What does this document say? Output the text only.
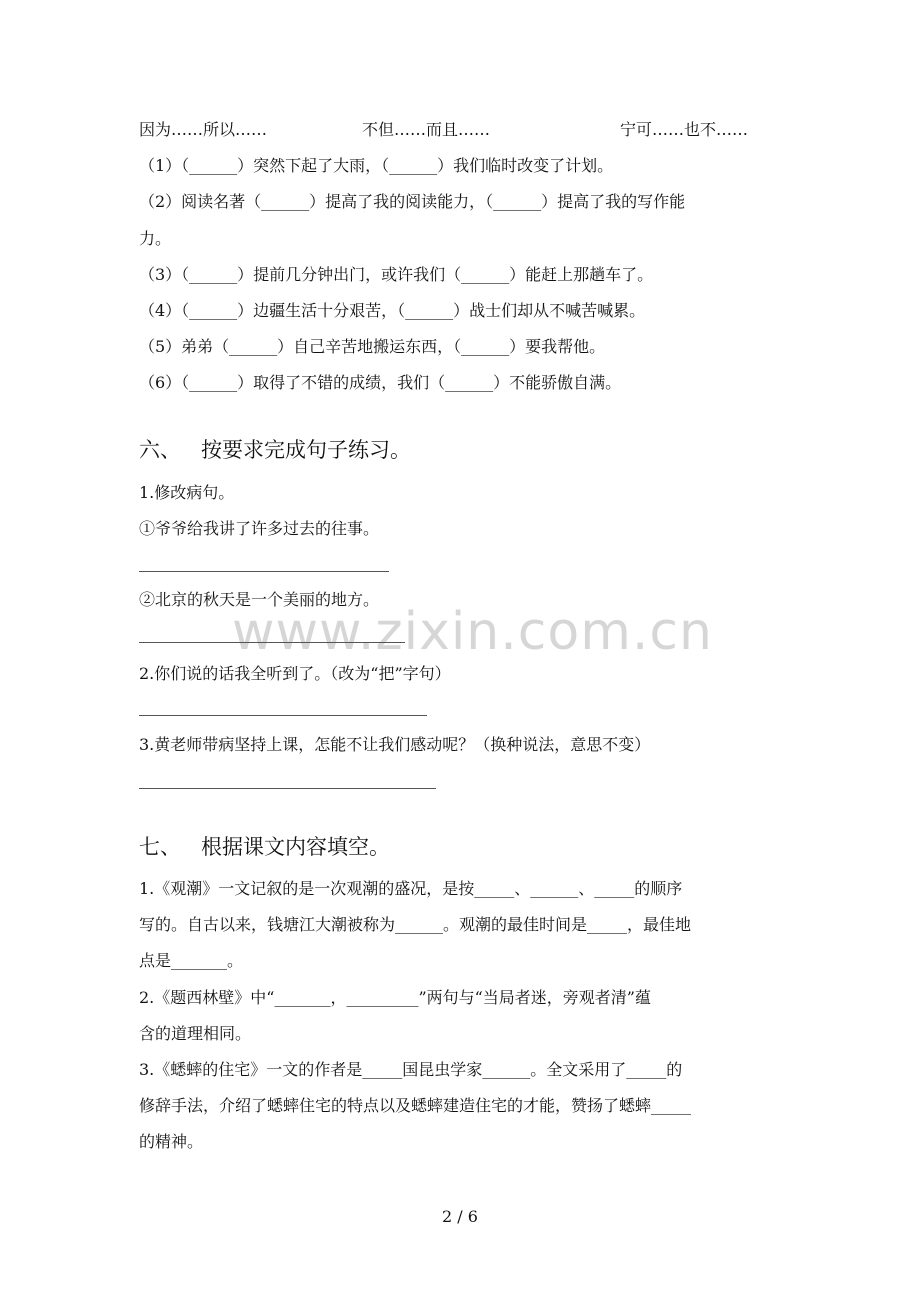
www.zixin.com.cn
因为……所以……	不但……而且……	宁可……也不……
（1）（______）突然下起了大雨，（______）我们临时改变了计划。
（2）阅读名著（______）提高了我的阅读能力，（______）提高了我的写作能
力。
（3）（______）提前几分钟出门，或许我们（______）能赶上那趟车了。
（4）（______）边疆生活十分艰苦，（______）战士们却从不喊苦喊累。
（5）弟弟（______）自己辛苦地搬运东西，（______）要我帮他。
（6）（______）取得了不错的成绩，我们（______）不能骄傲自满。
六、 按要求完成句子练习。
1.修改病句。
①爷爷给我讲了许多过去的往事。
②北京的秋天是一个美丽的地方。
2.你们说的话我全听到了。（改为“把”字句）
3.黄老师带病坚持上课，怎能不让我们感动呢？（换种说法，意思不变）
七、 根据课文内容填空。
1.《观潮》一文记叙的是一次观潮的盛况，是按_____、______、_____的顺序
写的。自古以来，钱塘江大潮被称为______。观潮的最佳时间是_____，最佳地
点是_______。
2.《题西林壁》中“_______，_________”两句与“当局者迷，旁观者清”蕴
含的道理相同。
3.《蟋蟀的住宅》一文的作者是_____国昆虫学家______。全文采用了_____的
修辞手法，介绍了蟋蟀住宅的特点以及蟋蟀建造住宅的才能，赞扬了蟋蟀_____
的精神。
2 / 6
